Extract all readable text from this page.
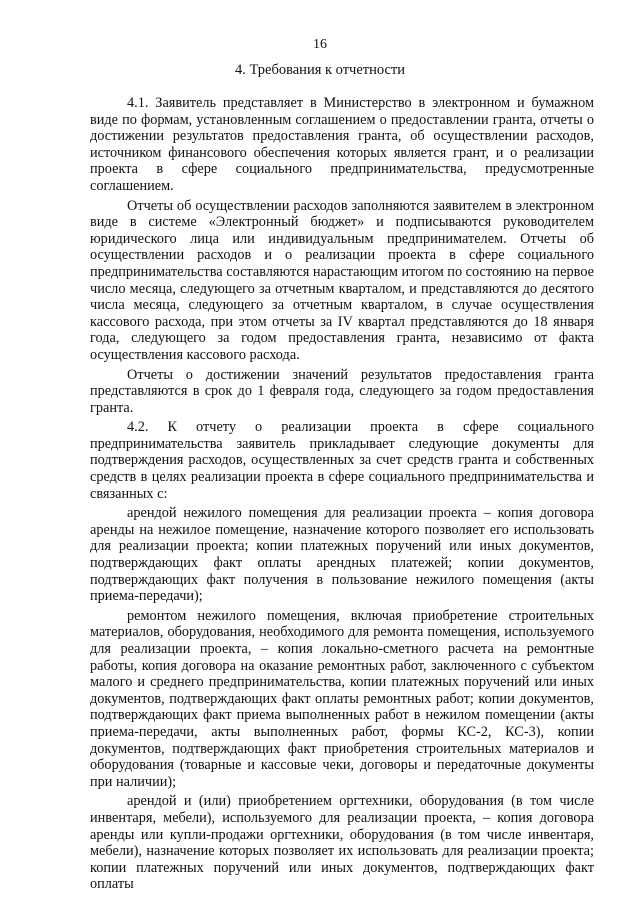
16
4. Требования к отчетности

4.1. Заявитель представляет в Министерство в электронном и бумажном виде по формам, установленным соглашением о предоставлении гранта, отчеты о достижении результатов предоставления гранта, об осуществлении расходов, источником финансового обеспечения которых является грант, и о реализации проекта в сфере социального предпринимательства, предусмотренные соглашением.

Отчеты об осуществлении расходов заполняются заявителем в электронном виде в системе «Электронный бюджет» и подписываются руководителем юридического лица или индивидуальным предпринимателем. Отчеты об осуществлении расходов и о реализации проекта в сфере социального предпринимательства составляются нарастающим итогом по состоянию на первое число месяца, следующего за отчетным кварталом, и представляются до десятого числа месяца, следующего за отчетным кварталом, в случае осуществления кассового расхода, при этом отчеты за IV квартал представляются до 18 января года, следующего за годом предоставления гранта, независимо от факта осуществления кассового расхода.

Отчеты о достижении значений результатов предоставления гранта представляются в срок до 1 февраля года, следующего за годом предоставления гранта.

4.2. К отчету о реализации проекта в сфере социального предпринимательства заявитель прикладывает следующие документы для подтверждения расходов, осуществленных за счет средств гранта и собственных средств в целях реализации проекта в сфере социального предпринимательства и связанных с:

арендой нежилого помещения для реализации проекта – копия договора аренды на нежилое помещение, назначение которого позволяет его использовать для реализации проекта; копии платежных поручений или иных документов, подтверждающих факт оплаты арендных платежей; копии документов, подтверждающих факт получения в пользование нежилого помещения (акты приема-передачи);

ремонтом нежилого помещения, включая приобретение строительных материалов, оборудования, необходимого для ремонта помещения, используемого для реализации проекта, – копия локально-сметного расчета на ремонтные работы, копия договора на оказание ремонтных работ, заключенного с субъектом малого и среднего предпринимательства, копии платежных поручений или иных документов, подтверждающих факт оплаты ремонтных работ; копии документов, подтверждающих факт приема выполненных работ в нежилом помещении (акты приема-передачи, акты выполненных работ, формы КС-2, КС-3), копии документов, подтверждающих факт приобретения строительных материалов и оборудования (товарные и кассовые чеки, договоры и передаточные документы при наличии);

арендой и (или) приобретением оргтехники, оборудования (в том числе инвентаря, мебели), используемого для реализации проекта, – копия договора аренды или купли-продажи оргтехники, оборудования (в том числе инвентаря, мебели), назначение которых позволяет их использовать для реализации проекта; копии платежных поручений или иных документов, подтверждающих факт оплаты
